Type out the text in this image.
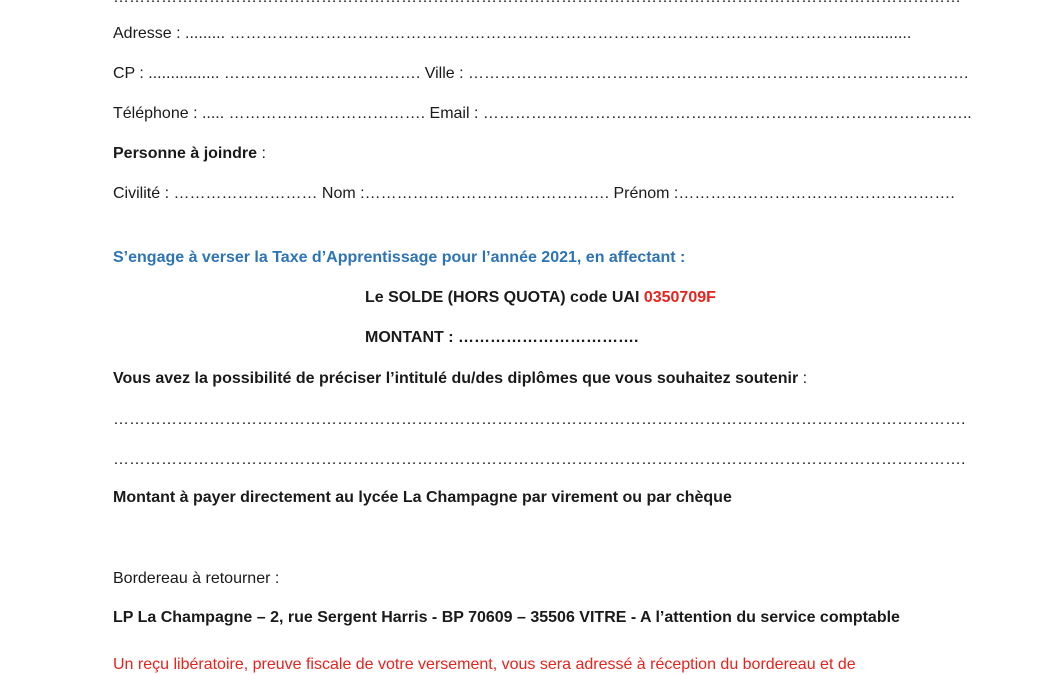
Adresse : ......... ……………………………………………………………………………………………………….............
CP : ................ ………………………………. Ville : ………………………………………………………………………………….
Téléphone : ..... ………………………………. Email : ………………………………………………………………………………..
Personne à joindre :
Civilité : ……………………… Nom :………………………………………. Prénom :…………………………………………….
S’engage à verser la Taxe d’Apprentissage pour l’année 2021, en affectant :
Le SOLDE (HORS QUOTA) code UAI 0350709F
MONTANT : …………………………….
Vous avez la possibilité de préciser l’intitulé du/des diplômes que vous souhaitez soutenir :
…………………………………………………………………………………………………………………………………………….
…………………………………………………………………………………………………………………………………………….
Montant à payer directement au lycée La Champagne par virement ou par chèque
Bordereau à retourner :
LP La Champagne – 2, rue Sergent Harris - BP 70609 – 35506 VITRE - A l’attention du service comptable
Un reçu libératoire, preuve fiscale de votre versement, vous sera adressé à réception du bordereau et de
